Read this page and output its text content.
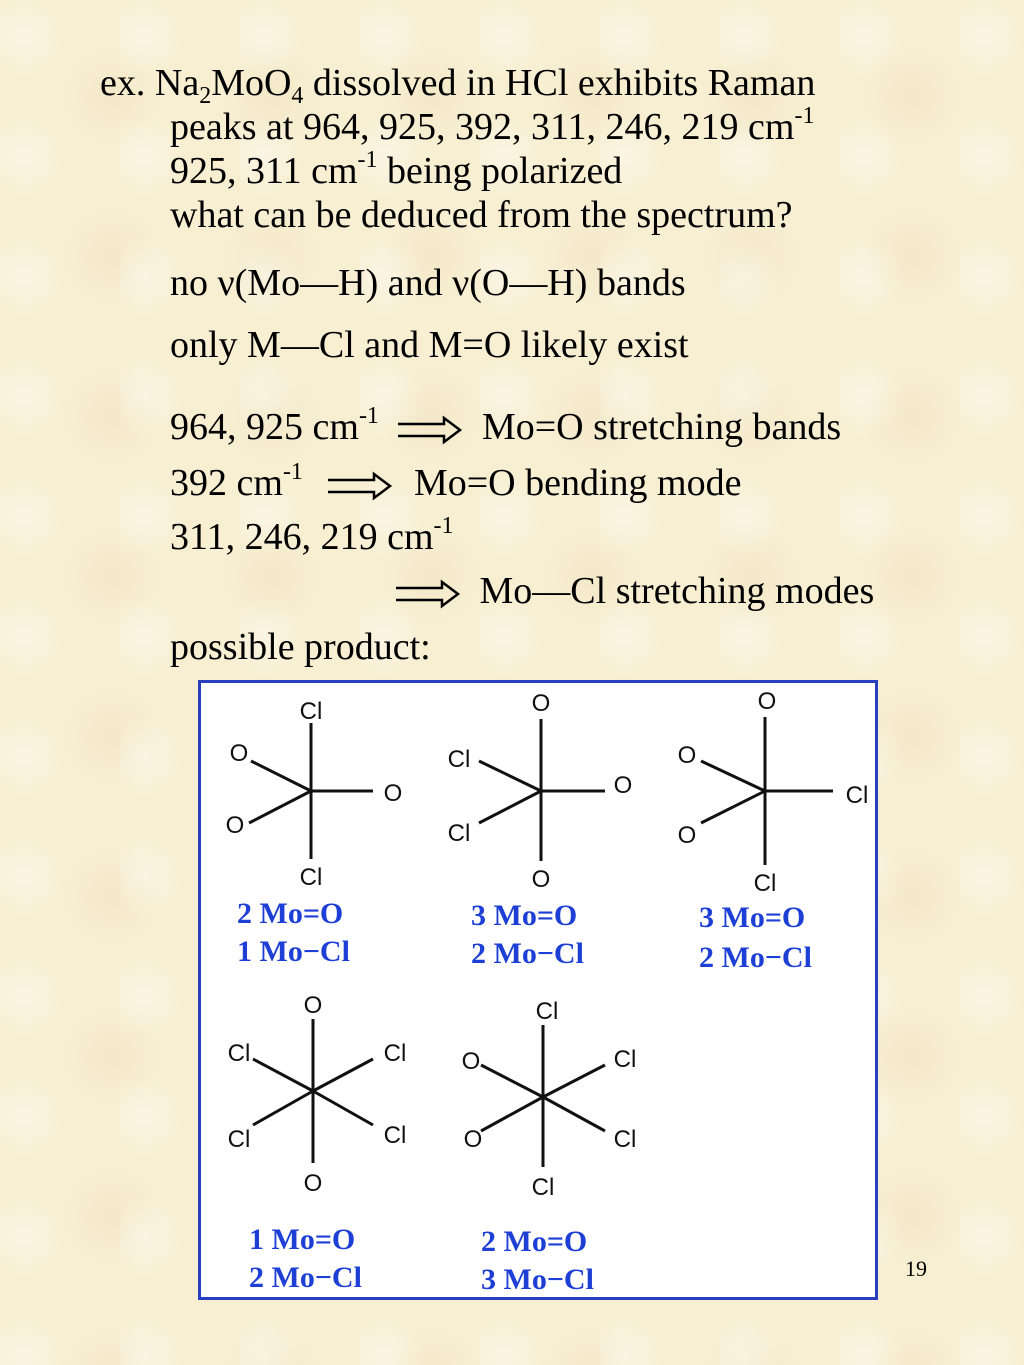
ex. $Na_2MoO_4$ dissolved in HCl exhibits Raman
peaks at 964, 925, 392, 311, 246, 219 $cm^{-1}$
925, 311 $cm^{-1}$ being polarized
what can be deduced from the spectrum?
no ν(Mo—H) and ν(O—H) bands
only M—Cl and M=O likely exist
964, 925 $cm^{-1}$	Mo=O stretching bands
392 $cm^{-1}$	Mo=O bending mode
311, 246, 219 $cm^{-1}$
Mo—Cl stretching modes
possible product:
Cl
O
O
O
Cl
2 Mo=O
1 Mo−Cl
O
Cl
O
Cl
O
3 Mo=O
2 Mo−Cl
O
O
Cl
O
Cl
3 Mo=O
2 Mo−Cl
O
Cl	Cl
Cl	Cl
O
1 Mo=O
2 Mo−Cl
Cl
O	Cl
O	Cl
Cl
2 Mo=O
3 Mo−Cl	19
